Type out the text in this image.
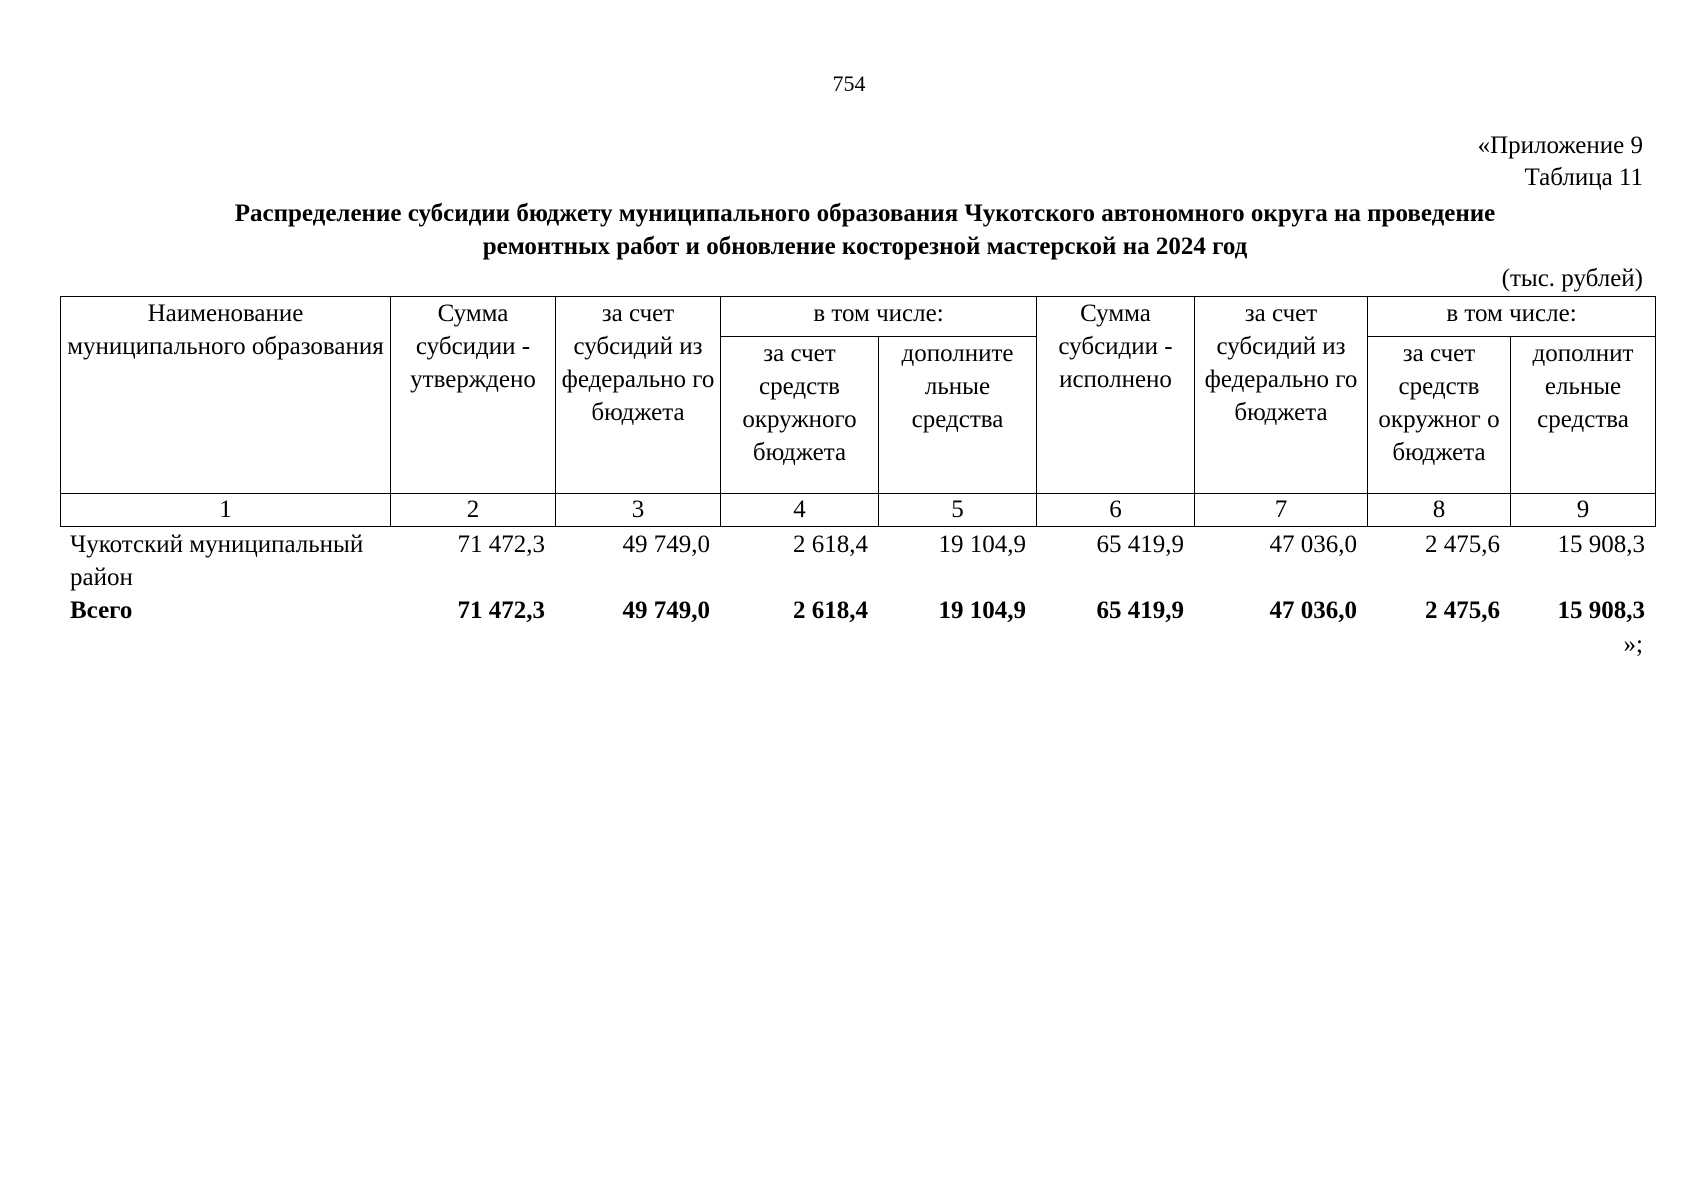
754
«Приложение 9
Таблица 11
Распределение субсидии бюджету муниципального образования Чукотского автономного округа на проведение
ремонтных работ и обновление косторезной мастерской на 2024 год
(тыс. рублей)
Наименование муниципального образования	Сумма субсидии - утверждено	за счет субсидий из федерально го бюджета	в том числе:		Сумма субсидии - исполнено	за счет субсидий из федерально го бюджета	в том числе:	
			за счет средств окружного бюджета	дополните льные средства			за счет средств окружног о бюджета	дополнит ельные средства
1	2	3	4	5	6	7	8	9
Чукотский муниципальный район	71 472,3	49 749,0	2 618,4	19 104,9	65 419,9	47 036,0	2 475,6	15 908,3
Всего	71 472,3	49 749,0	2 618,4	19 104,9	65 419,9	47 036,0	2 475,6	15 908,3
»;
